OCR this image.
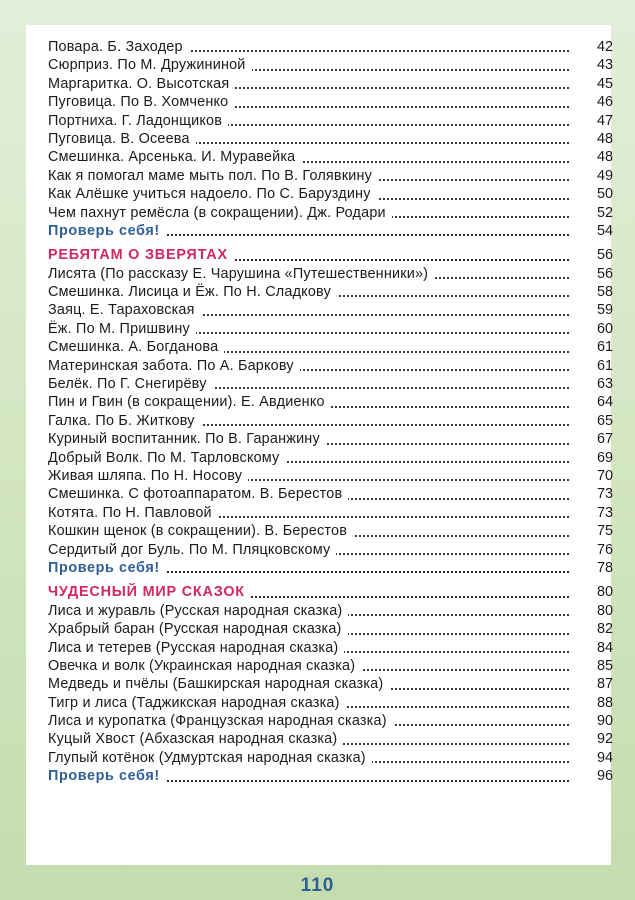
Повара. Б. Заходер	42
Сюрприз. По М. Дружининой	43
Маргаритка. О. Высотская	45
Пуговица. По В. Хомченко	46
Портниха. Г. Ладонщиков	47
Пуговица. В. Осеева	48
Смешинка. Арсенька. И. Муравейка	48
Как я помогал маме мыть пол. По В. Голявкину	49
Как Алёшке учиться надоело. По С. Баруздину	50
Чем пахнут ремёсла (в сокращении). Дж. Родари	52
Проверь себя!	54
РЕБЯТАМ О ЗВЕРЯТАХ	56
Лисята (По рассказу Е. Чарушина «Путешественники»)	56
Смешинка. Лисица и Ёж. По Н. Сладкову	58
Заяц. Е. Тараховская	59
Ёж. По М. Пришвину	60
Смешинка. А. Богданова	61
Материнская забота. По А. Баркову	61
Белёк. По Г. Снегирёву	63
Пин и Гвин (в сокращении). Е. Авдиенко	64
Галка. По Б. Житкову	65
Куриный воспитанник. По В. Гаранжину	67
Добрый Волк. По М. Тарловскому	69
Живая шляпа. По Н. Носову	70
Смешинка. С фотоаппаратом. В. Берестов	73
Котята. По Н. Павловой	73
Кошкин щенок (в сокращении). В. Берестов	75
Сердитый дог Буль. По М. Пляцковскому	76
Проверь себя!	78
ЧУДЕСНЫЙ МИР СКАЗОК	80
Лиса и журавль (Русская народная сказка)	80
Храбрый баран (Русская народная сказка)	82
Лиса и тетерев (Русская народная сказка)	84
Овечка и волк (Украинская народная сказка)	85
Медведь и пчёлы (Башкирская народная сказка)	87
Тигр и лиса (Таджикская народная сказка)	88
Лиса и куропатка (Французская народная сказка)	90
Куцый Хвост (Абхазская народная сказка)	92
Глупый котёнок (Удмуртская народная сказка)	94
Проверь себя!	96
110
